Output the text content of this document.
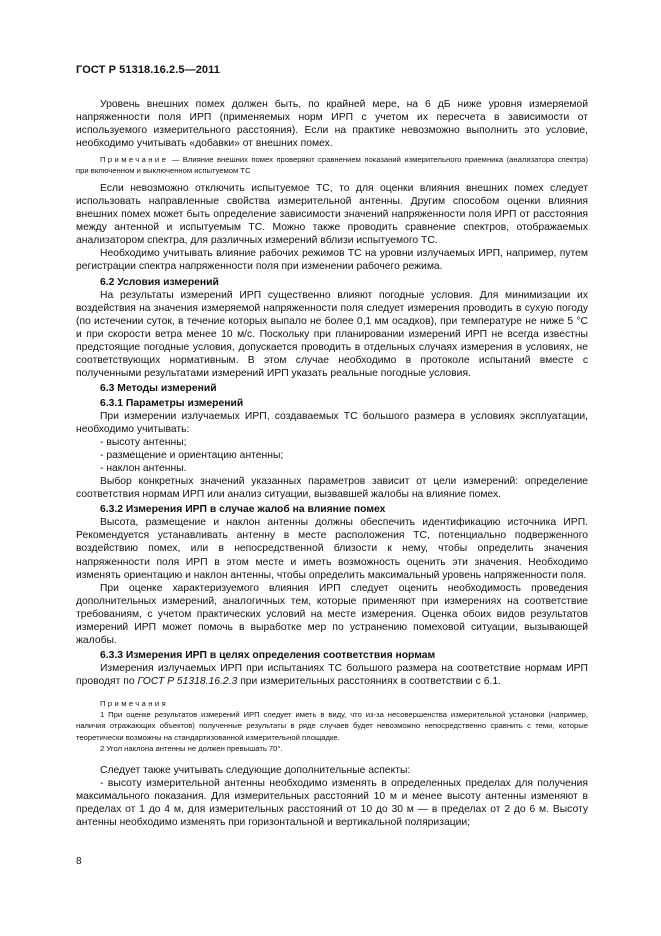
ГОСТ Р 51318.16.2.5—2011

Уровень внешних помех должен быть, по крайней мере, на 6 дБ ниже уровня измеряемой напряженности поля ИРП (применяемых норм ИРП с учетом их пересчета в зависимости от используемого измерительного расстояния). Если на практике невозможно выполнить это условие, необходимо учитывать «добавки» от внешних помех.

Примечание — Влияние внешних помех проверяют сравнением показаний измерительного приемника (анализатора спектра) при включенном и выключенном испытуемом ТС

Если невозможно отключить испытуемое ТС, то для оценки влияния внешних помех следует использовать направленные свойства измерительной антенны. Другим способом оценки влияния внешних помех может быть определение зависимости значений напряженности поля ИРП от расстояния между антенной и испытуемым ТС. Можно также проводить сравнение спектров, отображаемых анализатором спектра, для различных измерений вблизи испытуемого ТС.

Необходимо учитывать влияние рабочих режимов ТС на уровни излучаемых ИРП, например, путем регистрации спектра напряженности поля при изменении рабочего режима.

6.2 Условия измерений

На результаты измерений ИРП существенно влияют погодные условия. Для минимизации их воздействия на значения измеряемой напряженности поля следует измерения проводить в сухую погоду (по истечении суток, в течение которых выпало не более 0,1 мм осадков), при температуре не ниже 5 °С и при скорости ветра менее 10 м/с. Поскольку при планировании измерений ИРП не всегда известны предстоящие погодные условия, допускается проводить в отдельных случаях измерения в условиях, не соответствующих нормативным. В этом случае необходимо в протоколе испытаний вместе с полученными результатами измерений ИРП указать реальные погодные условия.

6.3 Методы измерений

6.3.1 Параметры измерений

При измерении излучаемых ИРП, создаваемых ТС большого размера в условиях эксплуатации, необходимо учитывать:

- высоту антенны;

- размещение и ориентацию антенны;

- наклон антенны.

Выбор конкретных значений указанных параметров зависит от цели измерений: определение соответствия нормам ИРП или анализ ситуации, вызвавшей жалобы на влияние помех.

6.3.2 Измерения ИРП в случае жалоб на влияние помех

Высота, размещение и наклон антенны должны обеспечить идентификацию источника ИРП. Рекомендуется устанавливать антенну в месте расположения ТС, потенциально подверженного воздействию помех, или в непосредственной близости к нему, чтобы определить значения напряженности поля ИРП в этом месте и иметь возможность оценить эти значения. Необходимо изменять ориентацию и наклон антенны, чтобы определить максимальный уровень напряженности поля.

При оценке характеризуемого влияния ИРП следует оценить необходимость проведения дополнительных измерений, аналогичных тем, которые применяют при измерениях на соответствие требованиям, с учетом практических условий на месте измерения. Оценка обоих видов результатов измерений ИРП может помочь в выработке мер по устранению помеховой ситуации, вызывающей жалобы.

6.3.3 Измерения ИРП в целях определения соответствия нормам

Измерения излучаемых ИРП при испытаниях ТС большого размера на соответствие нормам ИРП проводят по ГОСТ Р 51318.16.2.3 при измерительных расстояниях в соответствии с 6.1.

Примечания

1 При оценке результатов измерений ИРП следует иметь в виду, что из-за несовершенства измерительной установки (например, наличия отражающих объектов) полученные результаты в ряде случаев будет невозможно непосредственно сравнить с теми, которые теоретически возможны на стандартизованной измерительной площадке.

2 Угол наклона антенны не должен превышать 70°.

Следует также учитывать следующие дополнительные аспекты:

- высоту измерительной антенны необходимо изменять в определенных пределах для получения максимального показания. Для измерительных расстояний 10 м и менее высоту антенны изменяют в пределах от 1 до 4 м, для измерительных расстояний от 10 до 30 м — в пределах от 2 до 6 м. Высоту антенны необходимо изменять при горизонтальной и вертикальной поляризации;

8
